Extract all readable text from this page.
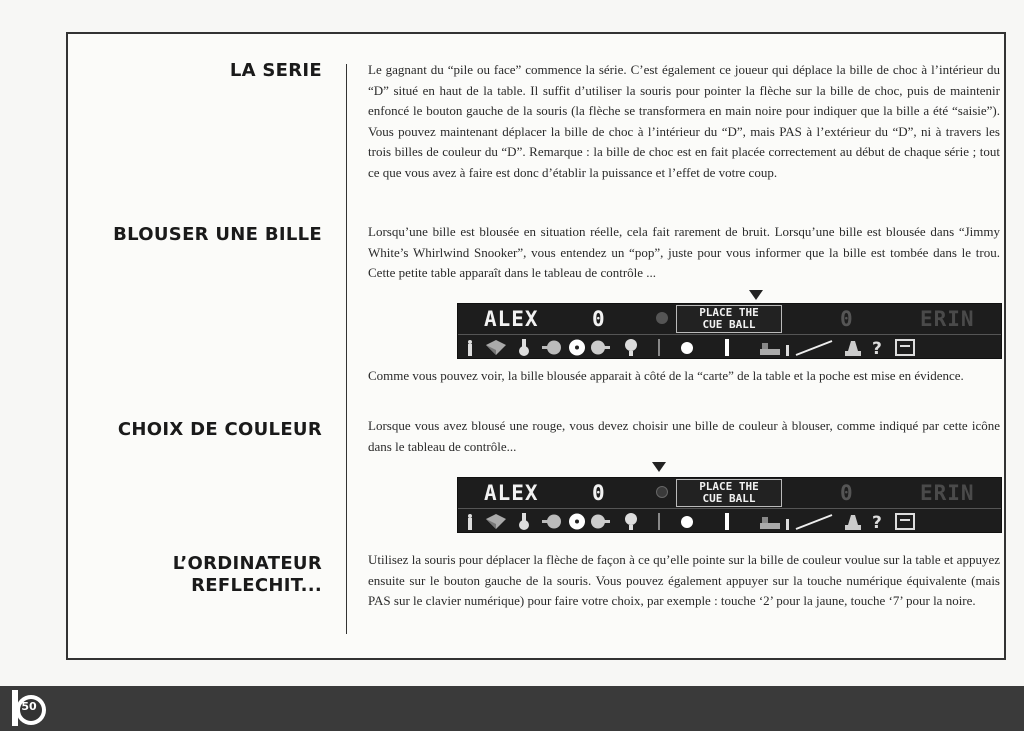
LA SERIE
BLOUSER UNE BILLE
CHOIX DE COULEUR
L’ORDINATEUR
REFLECHIT...

Le gagnant du “pile ou face” commence la série. C’est également ce joueur qui déplace la bille de choc à l’intérieur du “D” situé en haut de la table. Il suffit d’utiliser la souris pour pointer la flèche sur la bille de choc, puis de maintenir enfoncé le bouton gauche de la souris (la flèche se transformera en main noire pour indiquer que la bille a été “saisie”). Vous pouvez maintenant déplacer la bille de choc à l’intérieur du “D”, mais PAS à l’extérieur du “D”, ni à travers les trois billes de couleur du “D”. Remarque : la bille de choc est en fait placée correctement au début de chaque série ; tout ce que vous avez à faire est donc d’établir la puissance et l’effet de votre coup.

Lorsqu’une bille est blousée en situation réelle, cela fait rarement de bruit. Lorsqu’une bille est blousée dans “Jimmy White’s Whirlwind Snooker”, vous entendez un “pop”, juste pour vous informer que la bille est tombée dans le trou. Cette petite table apparaît dans le tableau de contrôle ...

Comme vous pouvez voir, la bille blousée apparait à côté de la “carte” de la table et la poche est mise en évidence.

Lorsque vous avez blousé une rouge, vous devez choisir une bille de couleur à blouser, comme indiqué par cette icône dans le tableau de contrôle...

Utilisez la souris pour déplacer la flèche de façon à ce qu’elle pointe sur la bille de couleur voulue sur la table et appuyez ensuite sur le bouton gauche de la souris. Vous pouvez également appuyer sur la touche numérique équivalente (mais PAS sur le clavier numérique) pour faire votre choix, par exemple : touche ‘2’ pour la jaune, touche ‘7’ pour la noire.

ALEX	0	PLACE THE
CUE BALL	0	ERIN
?
ALEX	0	PLACE THE
CUE BALL	0	ERIN
?
50
